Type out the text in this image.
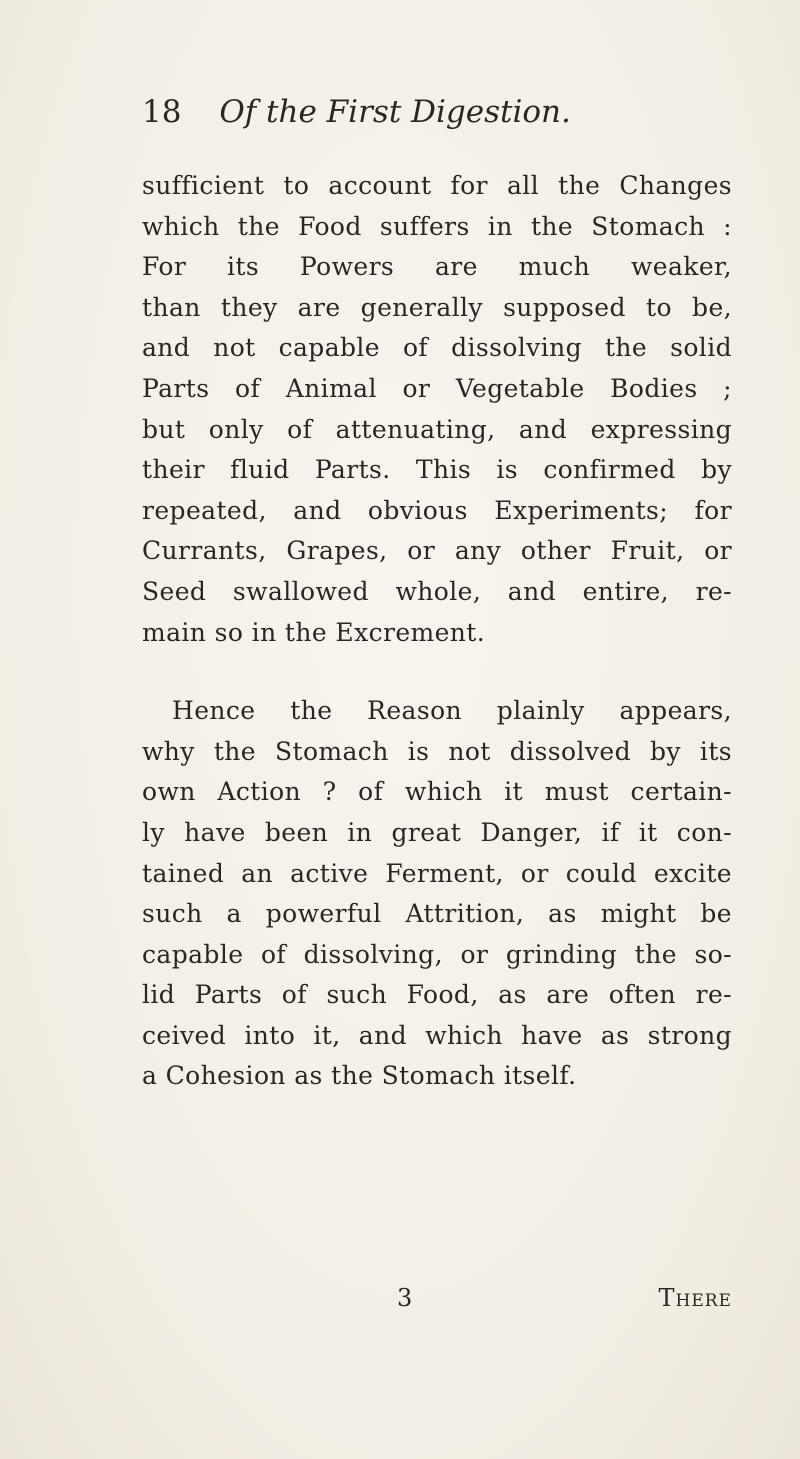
18 Of the First Digestion.
sufficient to account for all the Changes
which the Food suffers in the Stomach :
For its Powers are much weaker,
than they are generally supposed to be,
and not capable of dissolving the solid
Parts of Animal or Vegetable Bodies ;
but only of attenuating, and expressing
their fluid Parts. This is confirmed by
repeated, and obvious Experiments; for
Currants, Grapes, or any other Fruit, or
Seed swallowed whole, and entire, re-
main so in the Excrement.
Hence the Reason plainly appears,
why the Stomach is not dissolved by its
own Action ? of which it must certain-
ly have been in great Danger, if it con-
tained an active Ferment, or could excite
such a powerful Attrition, as might be
capable of dissolving, or grinding the so-
lid Parts of such Food, as are often re-
ceived into it, and which have as strong
a Cohesion as the Stomach itself.
3	There
